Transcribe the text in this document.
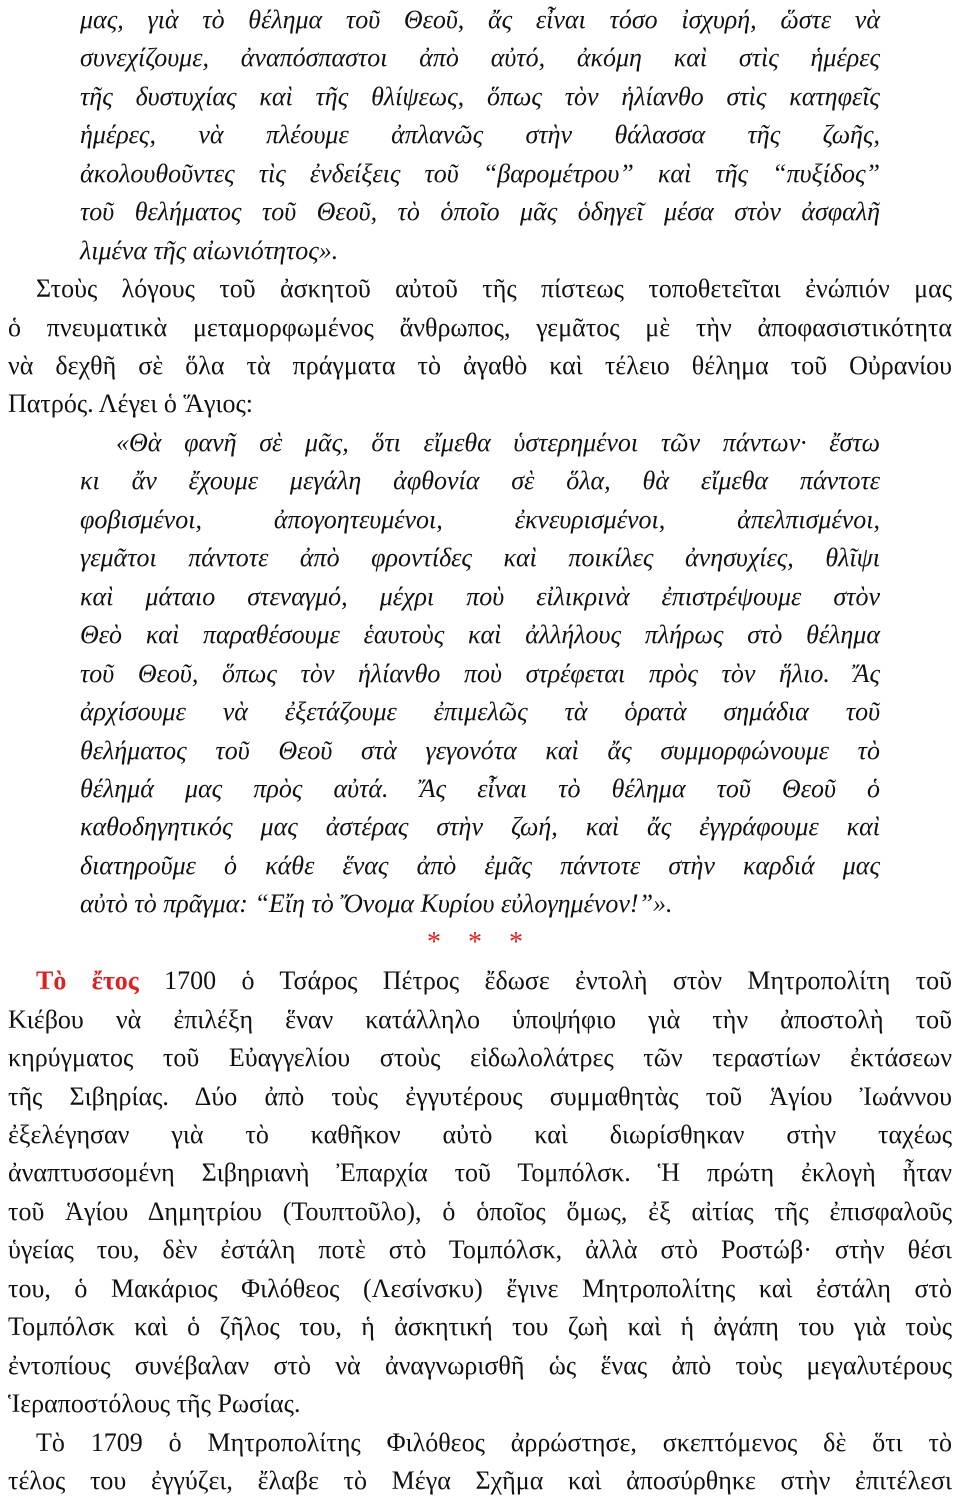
μας, γιὰ τὸ θέλημα τοῦ Θεοῦ, ἄς εἶναι τόσο ἰσχυρή, ὥστε νὰ
συνεχίζουμε, ἀναπόσπαστοι ἀπὸ αὐτό, ἀκόμη καὶ στὶς ἡμέρες
τῆς δυστυχίας καὶ τῆς θλίψεως, ὅπως τὸν ἡλίανθο στὶς κατηφεῖς
ἡμέρες, νὰ πλέουμε ἀπλανῶς στὴν θάλασσα τῆς ζωῆς,
ἀκολουθοῦντες τὶς ἐνδείξεις τοῦ “βαρομέτρου” καὶ τῆς “πυξίδος”
τοῦ θελήματος τοῦ Θεοῦ, τὸ ὁποῖο μᾶς ὁδηγεῖ μέσα στὸν ἀσφαλῆ
λιμένα τῆς αἰωνιότητος».
Στοὺς λόγους τοῦ ἀσκητοῦ αὐτοῦ τῆς πίστεως τοποθετεῖται ἐνώπιόν μας
ὁ πνευματικὰ μεταμορφωμένος ἄνθρωπος, γεμᾶτος μὲ τὴν ἀποφασιστικότητα
νὰ δεχθῆ σὲ ὅλα τὰ πράγματα τὸ ἀγαθὸ καὶ τέλειο θέλημα τοῦ Οὐρανίου
Πατρός. Λέγει ὁ Ἅγιος:
«Θὰ φανῆ σὲ μᾶς, ὅτι εἴμεθα ὑστερημένοι τῶν πάντων· ἔστω
κι ἄν ἔχουμε μεγάλη ἀφθονία σὲ ὅλα, θὰ εἴμεθα πάντοτε
φοβισμένοι, ἀπογοητευμένοι, ἐκνευρισμένοι, ἀπελπισμένοι,
γεμᾶτοι πάντοτε ἀπὸ φροντίδες καὶ ποικίλες ἀνησυχίες, θλῖψι
καὶ μάταιο στεναγμό, μέχρι ποὺ εἰλικρινὰ ἐπιστρέψουμε στὸν
Θεὸ καὶ παραθέσουμε ἑαυτοὺς καὶ ἀλλήλους πλήρως στὸ θέλημα
τοῦ Θεοῦ, ὅπως τὸν ἡλίανθο ποὺ στρέφεται πρὸς τὸν ἥλιο. Ἄς
ἀρχίσουμε νὰ ἐξετάζουμε ἐπιμελῶς τὰ ὁρατὰ σημάδια τοῦ
θελήματος τοῦ Θεοῦ στὰ γεγονότα καὶ ἄς συμμορφώνουμε τὸ
θέλημά μας πρὸς αὐτά. Ἄς εἶναι τὸ θέλημα τοῦ Θεοῦ ὁ
καθοδηγητικός μας ἀστέρας στὴν ζωή, καὶ ἄς ἐγγράφουμε καὶ
διατηροῦμε ὁ κάθε ἕνας ἀπὸ ἐμᾶς πάντοτε στὴν καρδιά μας
αὐτὸ τὸ πρᾶγμα: “Εἴη τὸ Ὄνομα Κυρίου εὐλογημένον!”».
* * *
Τὸ ἔτος 1700 ὁ Τσάρος Πέτρος ἔδωσε ἐντολὴ στὸν Μητροπολίτη τοῦ
Κιέβου νὰ ἐπιλέξη ἕναν κατάλληλο ὑποψήφιο γιὰ τὴν ἀποστολὴ τοῦ
κηρύγματος τοῦ Εὐαγγελίου στοὺς εἰδωλολάτρες τῶν τεραστίων ἐκτάσεων
τῆς Σιβηρίας. Δύο ἀπὸ τοὺς ἐγγυτέρους συμμαθητὰς τοῦ Ἁγίου Ἰωάννου
ἐξελέγησαν γιὰ τὸ καθῆκον αὐτὸ καὶ διωρίσθηκαν στὴν ταχέως
ἀναπτυσσομένη Σιβηριανὴ Ἐπαρχία τοῦ Τομπόλσκ. Ἡ πρώτη ἐκλογὴ ἦταν
τοῦ Ἁγίου Δημητρίου (Τουπτοῦλο), ὁ ὁποῖος ὅμως, ἐξ αἰτίας τῆς ἐπισφαλοῦς
ὑγείας του, δὲν ἐστάλη ποτὲ στὸ Τομπόλσκ, ἀλλὰ στὸ Ροστώβ· στὴν θέσι
του, ὁ Μακάριος Φιλόθεος (Λεσίνσκυ) ἔγινε Μητροπολίτης καὶ ἐστάλη στὸ
Τομπόλσκ καὶ ὁ ζῆλος του, ἡ ἀσκητική του ζωὴ καὶ ἡ ἀγάπη του γιὰ τοὺς
ἐντοπίους συνέβαλαν στὸ νὰ ἀναγνωρισθῆ ὡς ἕνας ἀπὸ τοὺς μεγαλυτέρους
Ἱεραποστόλους τῆς Ρωσίας.
Τὸ 1709 ὁ Μητροπολίτης Φιλόθεος ἀρρώστησε, σκεπτόμενος δὲ ὅτι τὸ
τέλος του ἐγγύζει, ἔλαβε τὸ Μέγα Σχῆμα καὶ ἀποσύρθηκε στὴν ἐπιτέλεσι
